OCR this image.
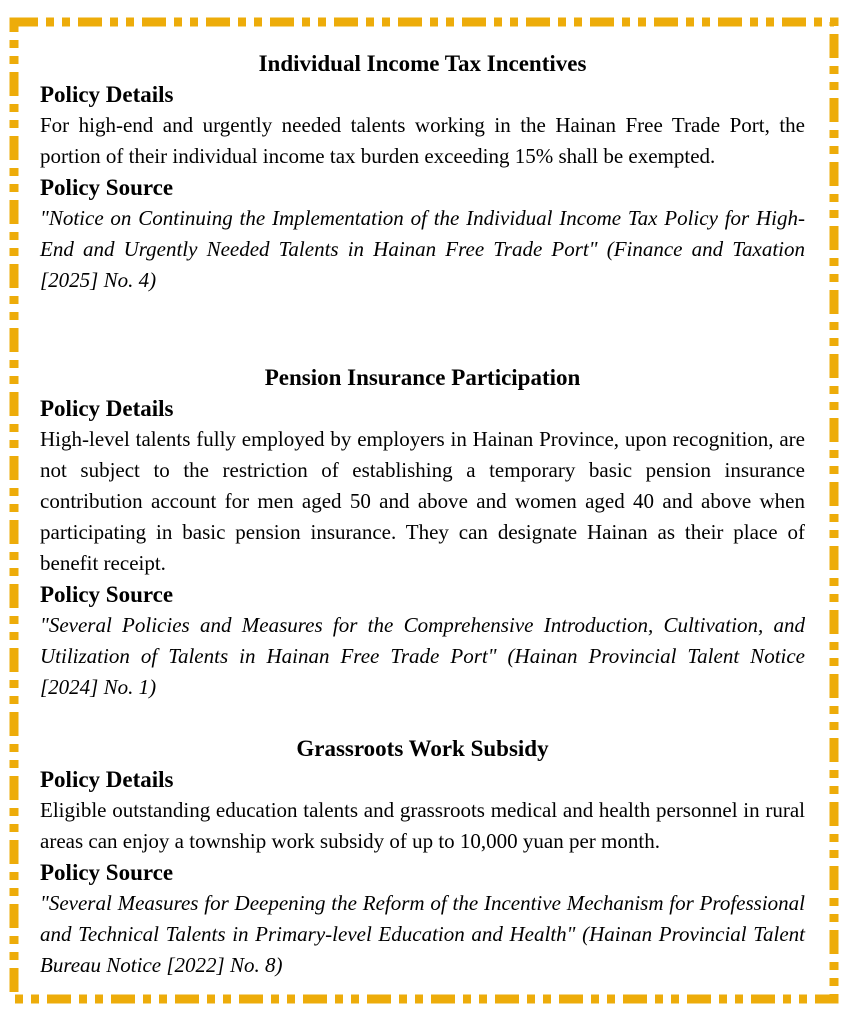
Individual Income Tax Incentives
Policy Details

For high-end and urgently needed talents working in the Hainan Free Trade Port, the portion of their individual income tax burden exceeding 15% shall be exempted.

Policy Source

"Notice on Continuing the Implementation of the Individual Income Tax Policy for High-End and Urgently Needed Talents in Hainan Free Trade Port" (Finance and Taxation [2025] No. 4)

Pension Insurance Participation
Policy Details

High-level talents fully employed by employers in Hainan Province, upon recognition, are not subject to the restriction of establishing a temporary basic pension insurance contribution account for men aged 50 and above and women aged 40 and above when participating in basic pension insurance. They can designate Hainan as their place of benefit receipt.

Policy Source

"Several Policies and Measures for the Comprehensive Introduction, Cultivation, and Utilization of Talents in Hainan Free Trade Port" (Hainan Provincial Talent Notice [2024] No. 1)

Grassroots Work Subsidy
Policy Details

Eligible outstanding education talents and grassroots medical and health personnel in rural areas can enjoy a township work subsidy of up to 10,000 yuan per month.

Policy Source

"Several Measures for Deepening the Reform of the Incentive Mechanism for Professional and Technical Talents in Primary-level Education and Health" (Hainan Provincial Talent Bureau Notice [2022] No. 8)
